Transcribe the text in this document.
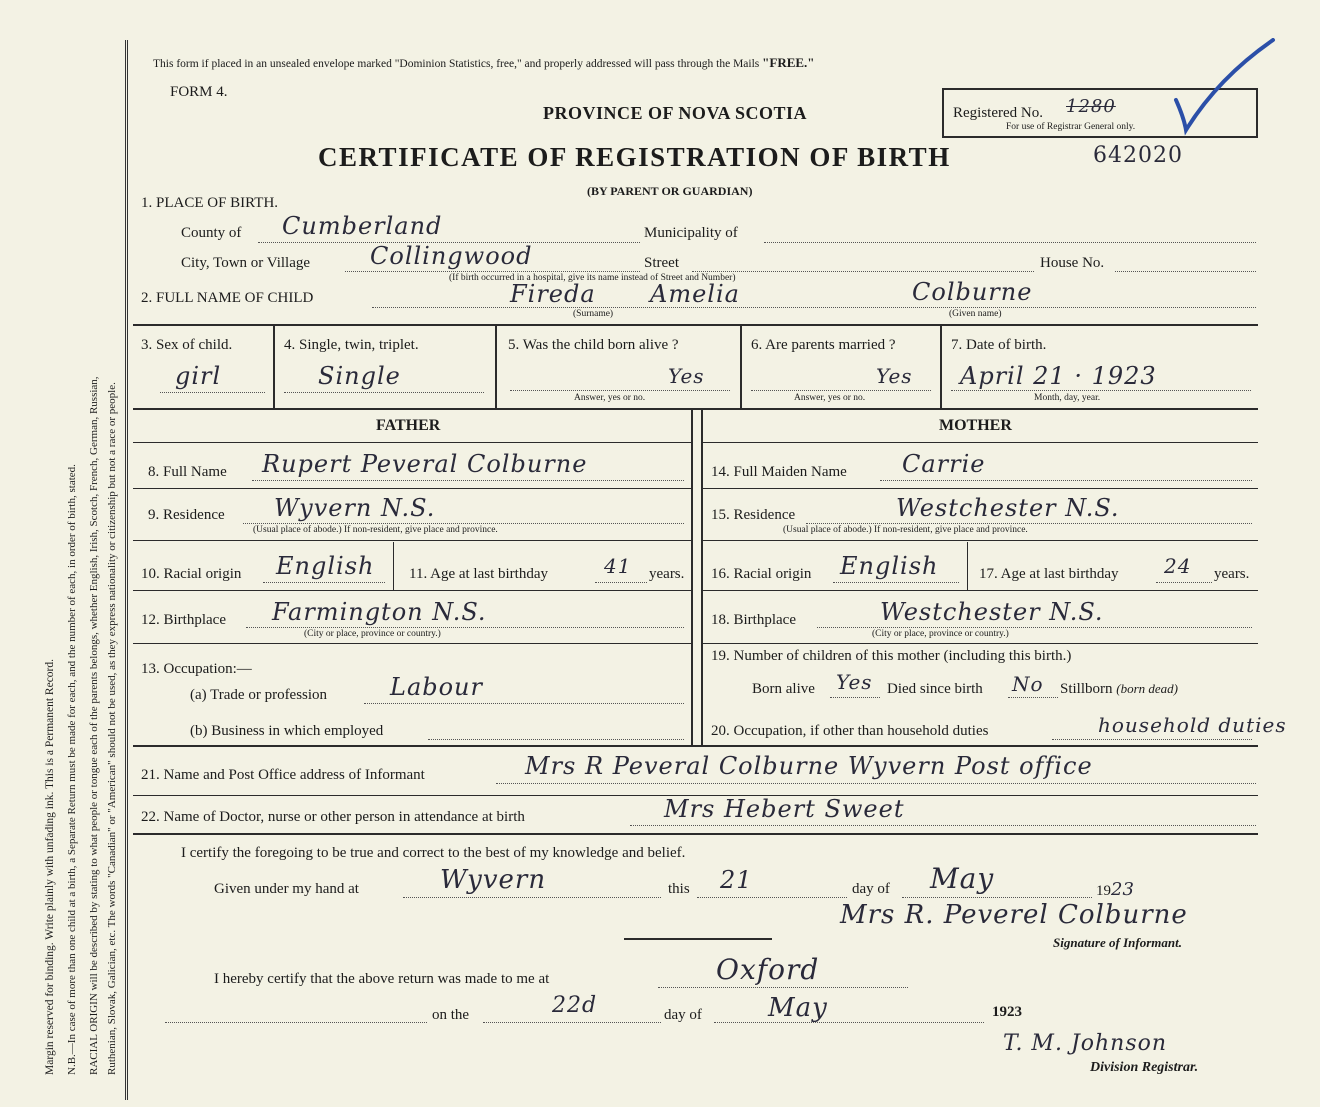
Margin reserved for binding. Write plainly with unfading ink. This is a Permanent Record. N.B.—In case of more than one child at a birth, a Separate Return must be made for each, and the number of each, in order of birth, stated. RACIAL ORIGIN will be described by stating to what people or tongue each of the parents belongs, whether English, Irish, Scotch, French, German, Russian, Ruthenian, Slovak, Galician, etc. The words "Canadian" or "American" should not be used, as they express nationality or citizenship but not a race or people.
This form if placed in an unsealed envelope marked "Dominion Statistics, free," and properly addressed will pass through the Mails "FREE."
FORM 4.
PROVINCE OF NOVA SCOTIA
CERTIFICATE OF REGISTRATION OF BIRTH	642020
(BY PARENT OR GUARDIAN)
Registered No. 1280
For use of Registrar General only.
1. PLACE OF BIRTH.
County of Cumberland	Municipality of
City, Town or Village Collingwood	Street	House No.
(If birth occurred in a hospital, give its name instead of Street and Number)
2. FULL NAME OF CHILD	Fireda Amelia	Colburne
(Surname)	(Given name)
3. Sex of child.
girl
4. Single, twin, triplet.
Single
5. Was the child born alive ?
Yes
Answer, yes or no.
6. Are parents married ?
Yes
Answer, yes or no.
7. Date of birth.
April 21 · 1923
Month, day, year.
FATHER
8. Full Name Rupert Peveral Colburne
9. Residence Wyvern N.S.
(Usual place of abode.) If non-resident, give place and province.
10. Racial origin English 11. Age at last birthday	41 years.
12. Birthplace Farmington N.S.
(City or place, province or country.)
13. Occupation:—
(a) Trade or profession	Labour
(b) Business in which employed
MOTHER
14. Full Maiden Name Carrie
15. Residence	Westchester N.S.
(Usual place of abode.) If non-resident, give place and province.
16. Racial origin English	17. Age at last birthday 24 years.
18. Birthplace	Westchester N.S.
(City or place, province or country.)
19. Number of children of this mother (including this birth.)
Born alive Yes Died since birth No Stillborn (born dead)
20. Occupation, if other than household duties	household duties
21. Name and Post Office address of Informant	Mrs R Peveral Colburne Wyvern Post office
22. Name of Doctor, nurse or other person in attendance at birth	Mrs Hebert Sweet
I certify the foregoing to be true and correct to the best of my knowledge and belief.
Given under my hand at	Wyvern	this 21	day of May	1923
Mrs R. Peverel Colburne
Signature of Informant.
I hereby certify that the above return was made to me at	Oxford
on the	22d	day of	May	1923
T. M. Johnson
Division Registrar.
